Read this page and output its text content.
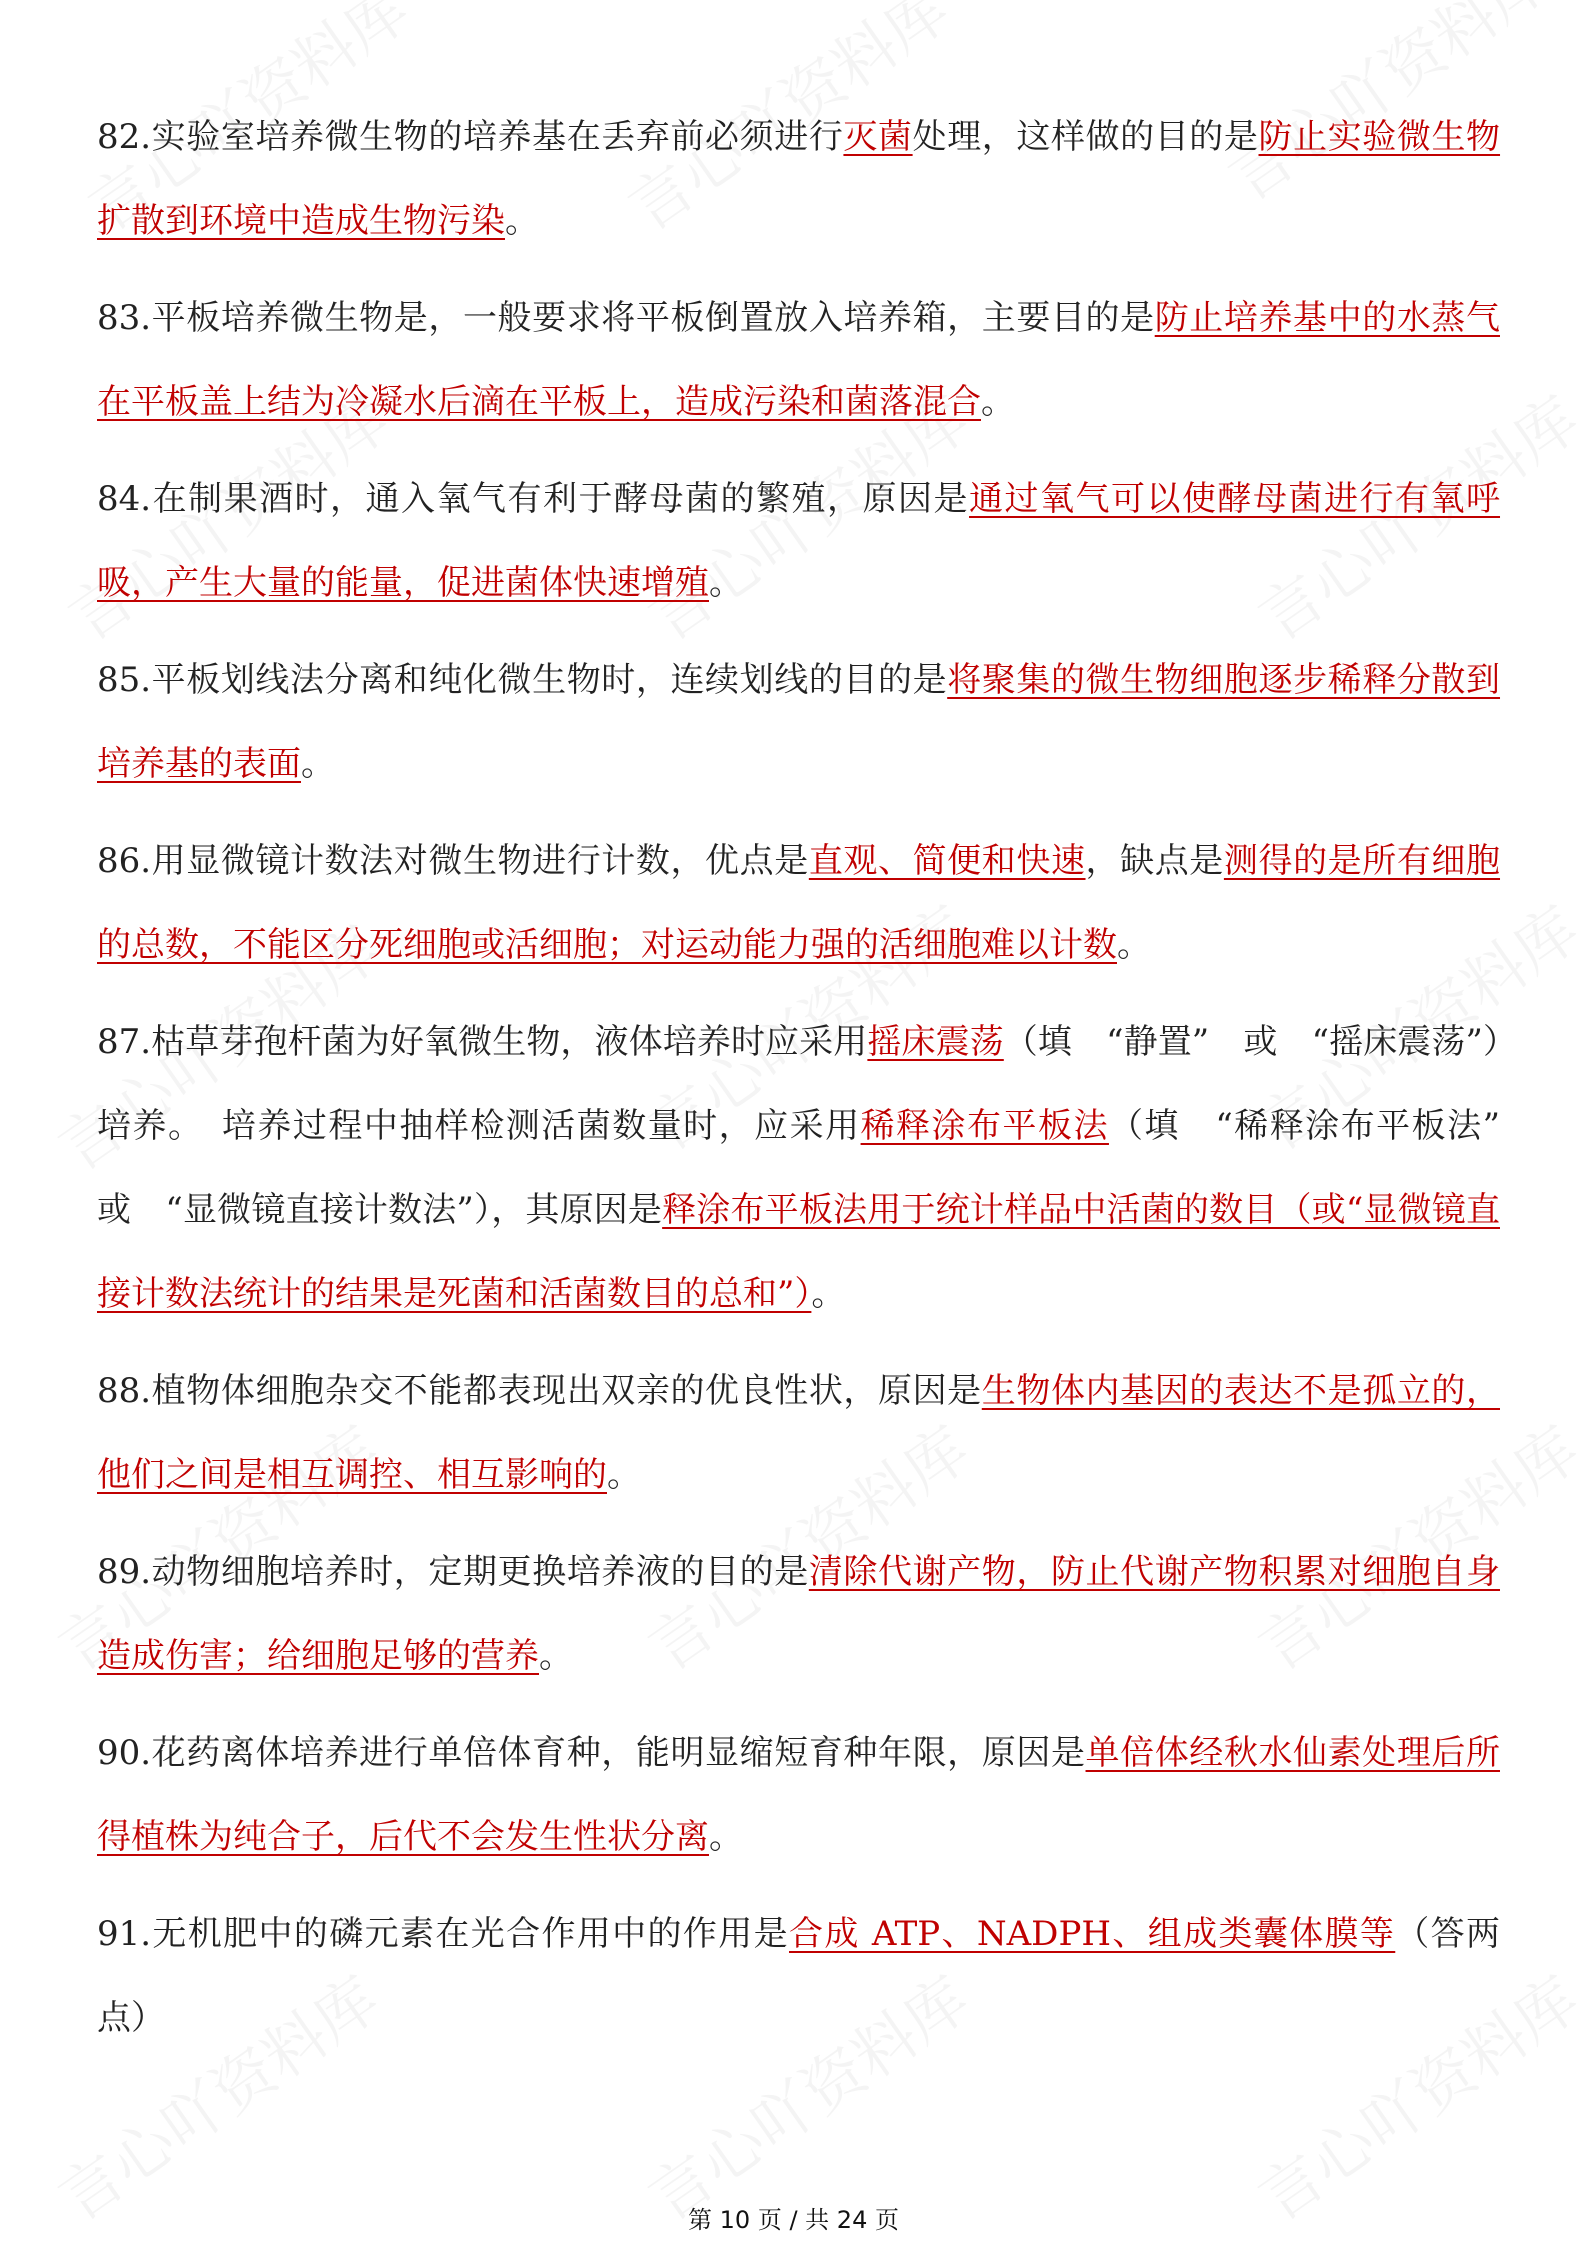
82.实验室培养微生物的培养基在丢弃前必须进行灭菌处理，这样做的目的是防止实验微生物扩散到环境中造成生物污染。

83.平板培养微生物是，一般要求将平板倒置放入培养箱，主要目的是防止培养基中的水蒸气在平板盖上结为冷凝水后滴在平板上，造成污染和菌落混合。

84.在制果酒时，通入氧气有利于酵母菌的繁殖，原因是通过氧气可以使酵母菌进行有氧呼吸，产生大量的能量，促进菌体快速增殖。

85.平板划线法分离和纯化微生物时，连续划线的目的是将聚集的微生物细胞逐步稀释分散到培养基的表面。

86.用显微镜计数法对微生物进行计数，优点是直观、简便和快速，缺点是测得的是所有细胞的总数，不能区分死细胞或活细胞；对运动能力强的活细胞难以计数。

87.枯草芽孢杆菌为好氧微生物，液体培养时应采用摇床震荡（填　“静置”　或　“摇床震荡”）　培养。　培养过程中抽样检测活菌数量时，应采用稀释涂布平板法（填　“稀释涂布平板法”　或　“显微镜直接计数法”），其原因是释涂布平板法用于统计样品中活菌的数目（或“显微镜直接计数法统计的结果是死菌和活菌数目的总和”）。

88.植物体细胞杂交不能都表现出双亲的优良性状，原因是生物体内基因的表达不是孤立的，他们之间是相互调控、相互影响的。

89.动物细胞培养时，定期更换培养液的目的是清除代谢产物，防止代谢产物积累对细胞自身造成伤害；给细胞足够的营养。

90.花药离体培养进行单倍体育种，能明显缩短育种年限，原因是单倍体经秋水仙素处理后所得植株为纯合子，后代不会发生性状分离。

91.无机肥中的磷元素在光合作用中的作用是合成 ATP、NADPH、组成类囊体膜等（答两点）

第 10 页 / 共 24 页
